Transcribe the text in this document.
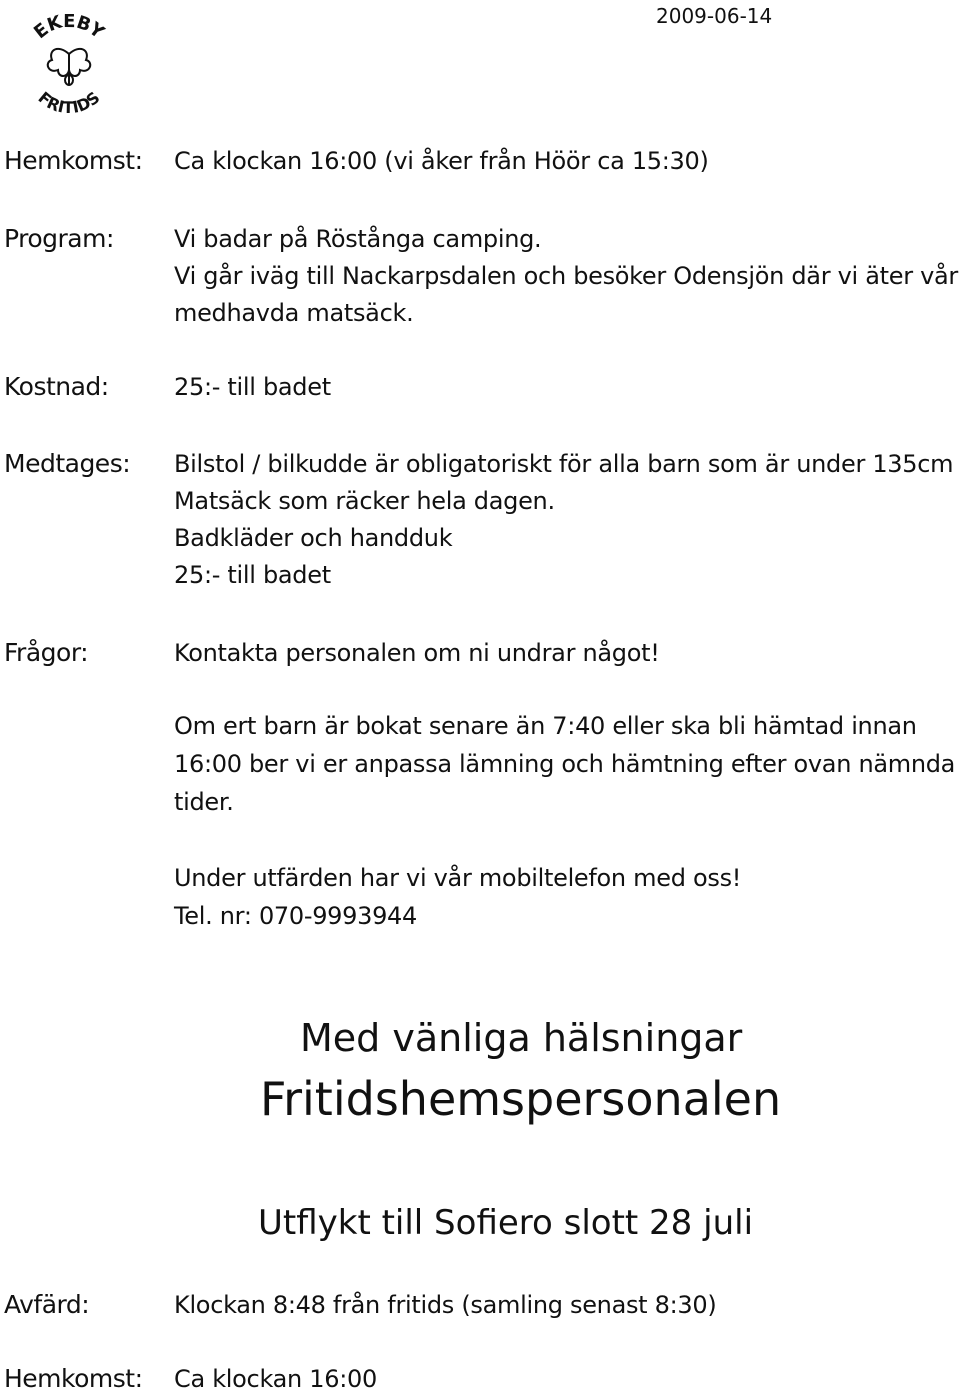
EKEBY
FRITIDS
2009-06-14
Hemkomst: Ca klockan 16:00 (vi åker från Höör ca 15:30)
Program:	Vi badar på Röstånga camping.
Vi går iväg till Nackarpsdalen och besöker Odensjön där vi äter vår
medhavda matsäck.
Kostnad:	25:- till badet
Medtages: Bilstol / bilkudde är obligatoriskt för alla barn som är under 135cm
Matsäck som räcker hela dagen.
Badkläder och handduk
25:- till badet
Frågor:	Kontakta personalen om ni undrar något!
Om ert barn är bokat senare än 7:40 eller ska bli hämtad innan
16:00 ber vi er anpassa lämning och hämtning efter ovan nämnda
tider.
Under utfärden har vi vår mobiltelefon med oss!
Tel. nr: 070-9993944
Med vänliga hälsningar
Fritidshemspersonalen
Utflykt till Sofiero slott 28 juli
Avfärd:	Klockan 8:48 från fritids (samling senast 8:30)
Hemkomst: Ca klockan 16:00
